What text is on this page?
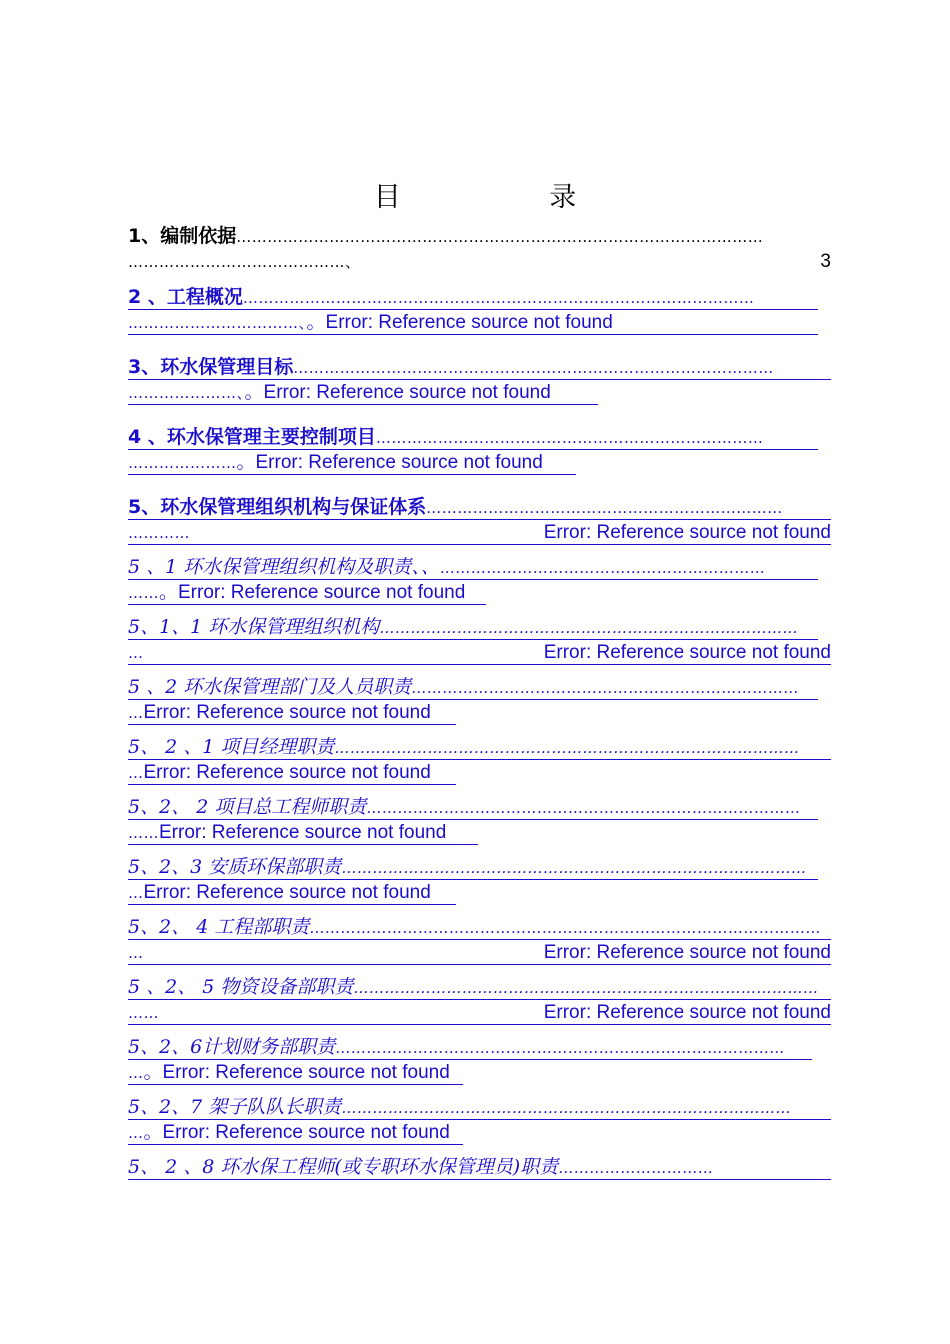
目 录
1、编制依据…………………………………………………………………………………………
……………………………………、	3
2 、工程概况………………………………………………………………………………………
……………………………、。Error: Reference source not found
3、环水保管理目标…………………………………………………………………………………
…………………、。Error: Reference source not found
4 、环水保管理主要控制项目…………………………………………………………………
…………………。Error: Reference source not found
5、环水保管理组织机构与保证体系……………………………………………………………
…………	Error: Reference source not found
5 、1 环水保管理组织机构及职责、、………………………………………………………
……。Error: Reference source not found
5、1、1 环水保管理组织机构………………………………………………………………………
…	Error: Reference source not found
5 、2 环水保管理部门及人员职责…………………………………………………………………
…Error: Reference source not found
5、 2 、1 项目经理职责………………………………………………………………………………
…Error: Reference source not found
5、2、 2 项目总工程师职责…………………………………………………………………………
……Error: Reference source not found
5、2、3 安质环保部职责………………………………………………………………………………
…Error: Reference source not found
5、2、 4 工程部职责………………………………………………………………………………………
…	Error: Reference source not found
5 、2、 5 物资设备部职责………………………………………………………………………………
……	Error: Reference source not found
5、2、6计划财务部职责……………………………………………………………………………
…。Error: Reference source not found
5、2、7 架子队队长职责……………………………………………………………………………
…。Error: Reference source not found
5、 2 、8 环水保工程师(或专职环水保管理员)职责…………………………
